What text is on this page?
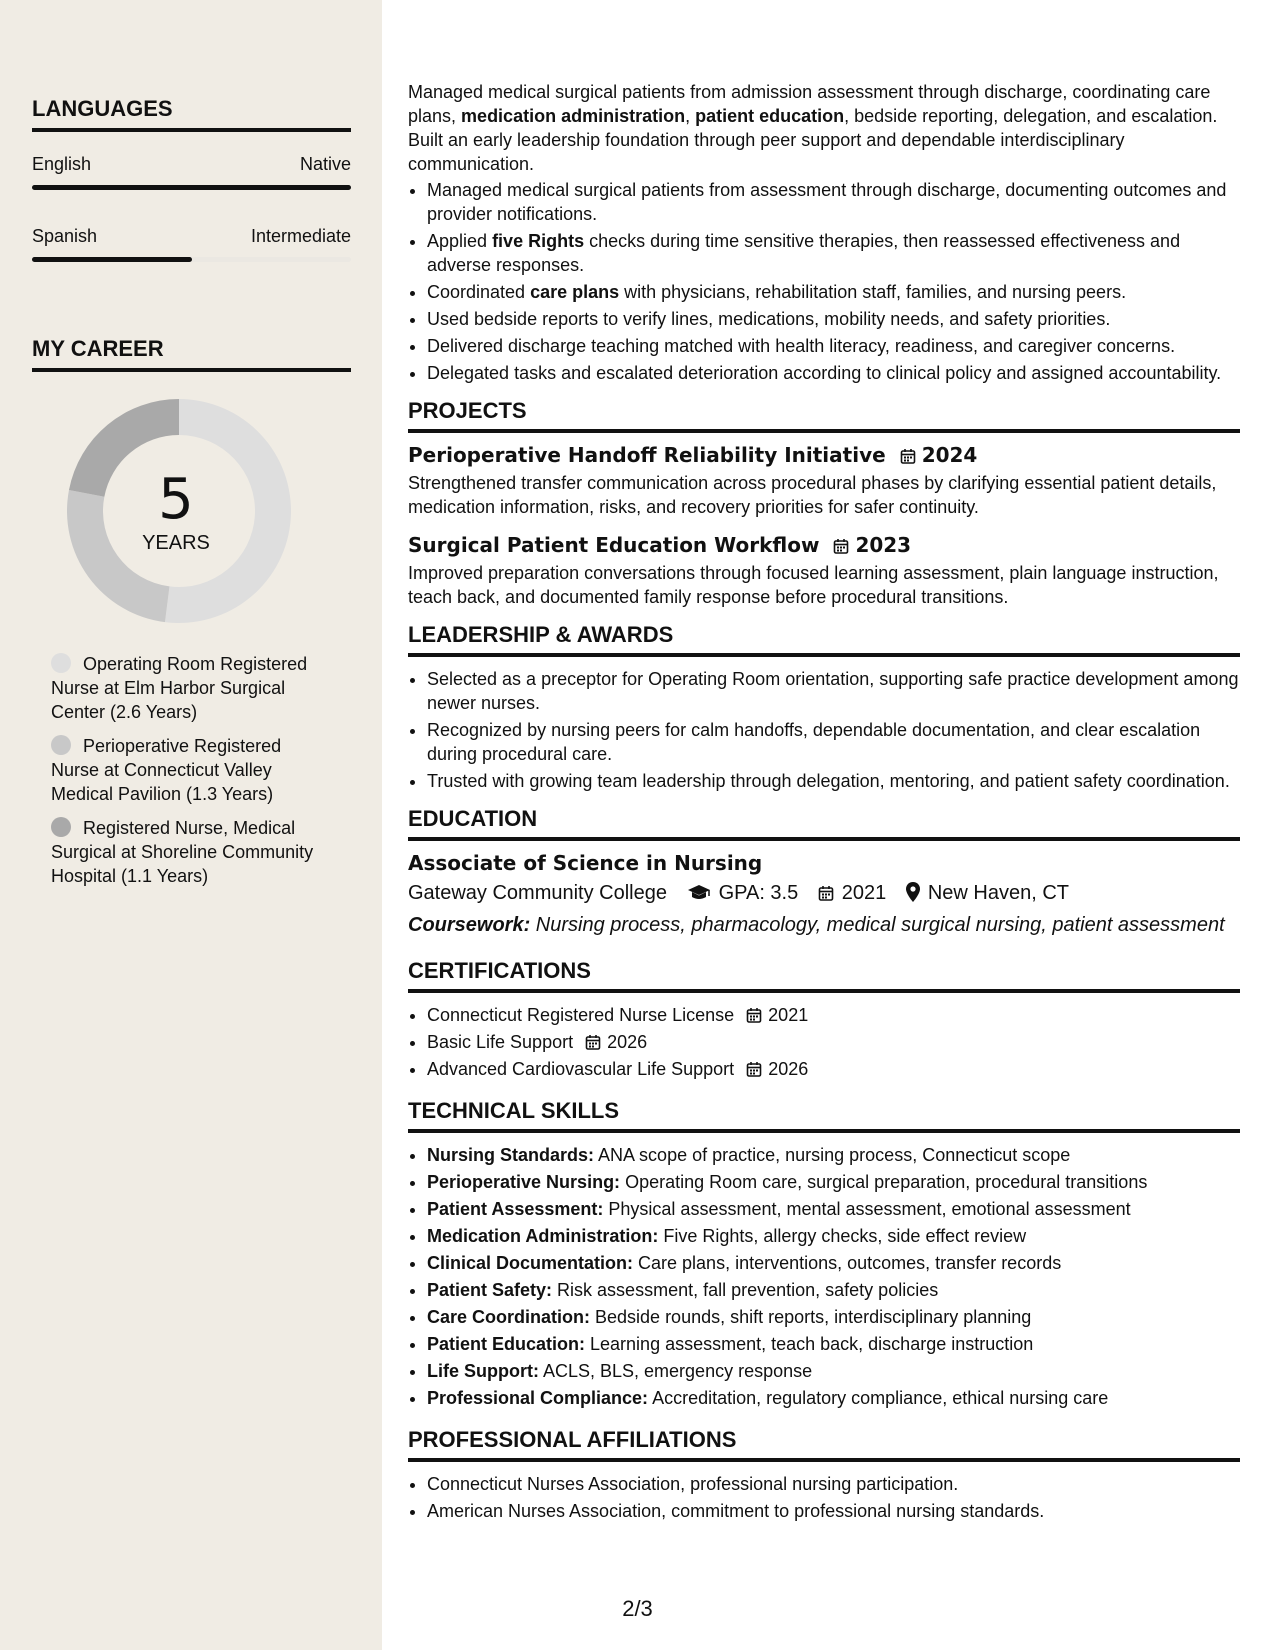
LANGUAGES
English	Native
Spanish	Intermediate
MY CAREER
5
YEARS
Operating Room Registered Nurse at Elm Harbor Surgical Center (2.6 Years)
Perioperative Registered Nurse at Connecticut Valley Medical Pavilion (1.3 Years)
Registered Nurse, Medical Surgical at Shoreline Community Hospital (1.1 Years)

Managed medical surgical patients from admission assessment through discharge, coordinating care plans, medication administration, patient education, bedside reporting, delegation, and escalation. Built an early leadership foundation through peer support and dependable interdisciplinary communication.

• Managed medical surgical patients from assessment through discharge, documenting outcomes and provider notifications.
• Applied five Rights checks during time sensitive therapies, then reassessed effectiveness and adverse responses.
• Coordinated care plans with physicians, rehabilitation staff, families, and nursing peers.
• Used bedside reports to verify lines, medications, mobility needs, and safety priorities.
• Delivered discharge teaching matched with health literacy, readiness, and caregiver concerns.
• Delegated tasks and escalated deterioration according to clinical policy and assigned accountability.
PROJECTS
Perioperative Handoff Reliability Initiative 2024

Strengthened transfer communication across procedural phases by clarifying essential patient details, medication information, risks, and recovery priorities for safer continuity.

Surgical Patient Education Workflow 2023

Improved preparation conversations through focused learning assessment, plain language instruction, teach back, and documented family response before procedural transitions.

LEADERSHIP & AWARDS
• Selected as a preceptor for Operating Room orientation, supporting safe practice development among newer nurses.
• Recognized by nursing peers for calm handoffs, dependable documentation, and clear escalation during procedural care.
• Trusted with growing team leadership through delegation, mentoring, and patient safety coordination.
EDUCATION
Associate of Science in Nursing
Gateway Community College	GPA: 3.5 2021 New Haven, CT
Coursework: Nursing process, pharmacology, medical surgical nursing, patient assessment
CERTIFICATIONS
• Connecticut Registered Nurse License 2021
• Basic Life Support 2026
• Advanced Cardiovascular Life Support 2026
TECHNICAL SKILLS
• Nursing Standards: ANA scope of practice, nursing process, Connecticut scope
• Perioperative Nursing: Operating Room care, surgical preparation, procedural transitions
• Patient Assessment: Physical assessment, mental assessment, emotional assessment
• Medication Administration: Five Rights, allergy checks, side effect review
• Clinical Documentation: Care plans, interventions, outcomes, transfer records
• Patient Safety: Risk assessment, fall prevention, safety policies
• Care Coordination: Bedside rounds, shift reports, interdisciplinary planning
• Patient Education: Learning assessment, teach back, discharge instruction
• Life Support: ACLS, BLS, emergency response
• Professional Compliance: Accreditation, regulatory compliance, ethical nursing care
PROFESSIONAL AFFILIATIONS
• Connecticut Nurses Association, professional nursing participation.
• American Nurses Association, commitment to professional nursing standards.
2/3
